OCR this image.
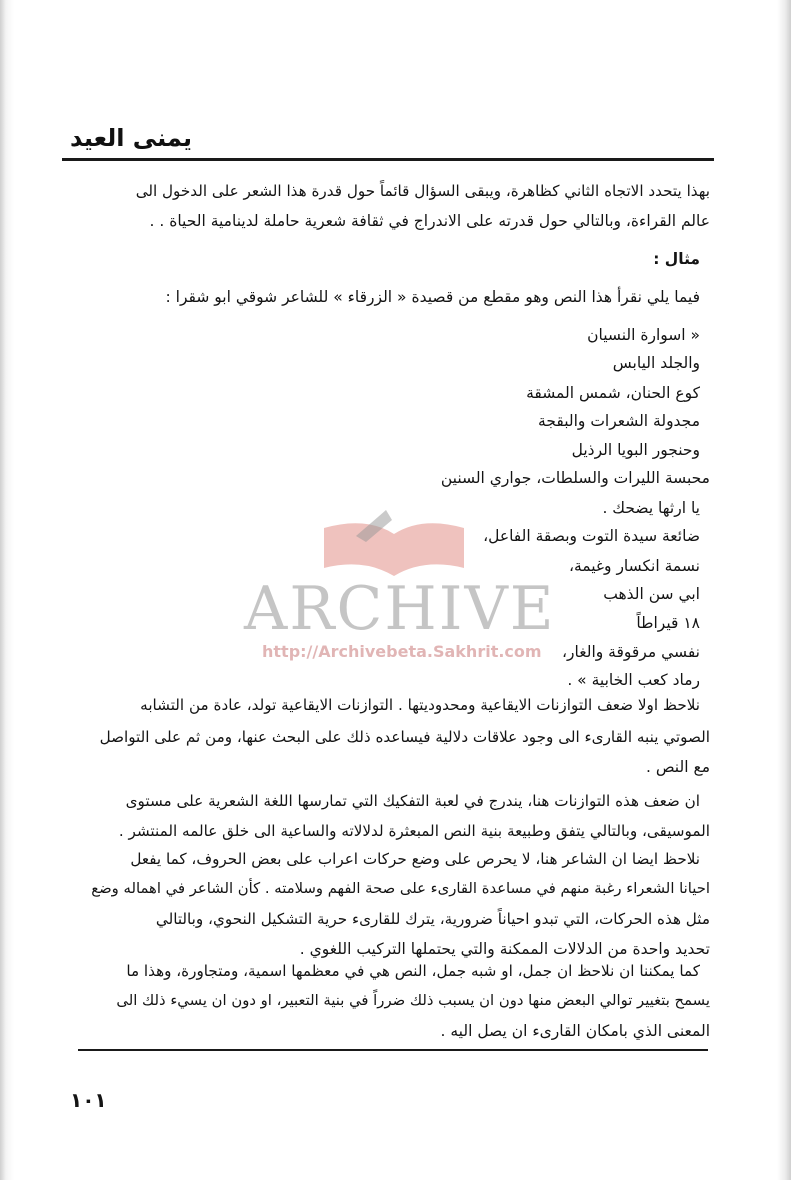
يمنى العيد
ARCHIVE
http://Archivebeta.Sakhrit.com
بهذا يتحدد الاتجاه الثاني كظاهرة، ويبقى السؤال قائماً حول قدرة هذا الشعر على الدخول الى
عالم القراءة، وبالتالي حول قدرته على الاندراج في ثقافة شعرية حاملة لدينامية الحياة . .
مثال :
فيما يلي نقرأ هذا النص وهو مقطع من قصيدة « الزرقاء » للشاعر شوقي ابو شقرا :
« اسوارة النسيان
والجلد اليابس
كوع الحنان، شمس المشقة
مجدولة الشعرات والبقجة
وحنجور البويا الرذيل
محبسة الليرات والسلطات، جواري السنين
يا ارثها يضحك .
ضائعة سيدة التوت وبصقة الفاعل،
نسمة انكسار وغيمة،
ابي سن الذهب
١٨ قيراطاً
نفسي مرقوقة والغار،
رماد كعب الخابية » .
نلاحظ اولا ضعف التوازنات الايقاعية ومحدوديتها . التوازنات الايقاعية تولد، عادة من التشابه
الصوتي ينبه القارىء الى وجود علاقات دلالية فيساعده ذلك على البحث عنها، ومن ثم على التواصل
مع النص .
ان ضعف هذه التوازنات هنا، يندرج في لعبة التفكيك التي تمارسها اللغة الشعرية على مستوى
الموسيقى، وبالتالي يتفق وطبيعة بنية النص المبعثرة لدلالاته والساعية الى خلق عالمه المنتشر .
نلاحظ ايضا ان الشاعر هنا، لا يحرص على وضع حركات اعراب على بعض الحروف، كما يفعل
احيانا الشعراء رغبة منهم في مساعدة القارىء على صحة الفهم وسلامته . كأن الشاعر في اهماله وضع
مثل هذه الحركات، التي تبدو احياناً ضرورية، يترك للقارىء حرية التشكيل النحوي، وبالتالي
تحديد واحدة من الدلالات الممكنة والتي يحتملها التركيب اللغوي .
كما يمكننا ان نلاحظ ان جمل، او شبه جمل، النص هي في معظمها اسمية، ومتجاورة، وهذا ما
يسمح بتغيير توالي البعض منها دون ان يسبب ذلك ضرراً في بنية التعبير، او دون ان يسيء ذلك الى
المعنى الذي بامكان القارىء ان يصل اليه .
١٠١
